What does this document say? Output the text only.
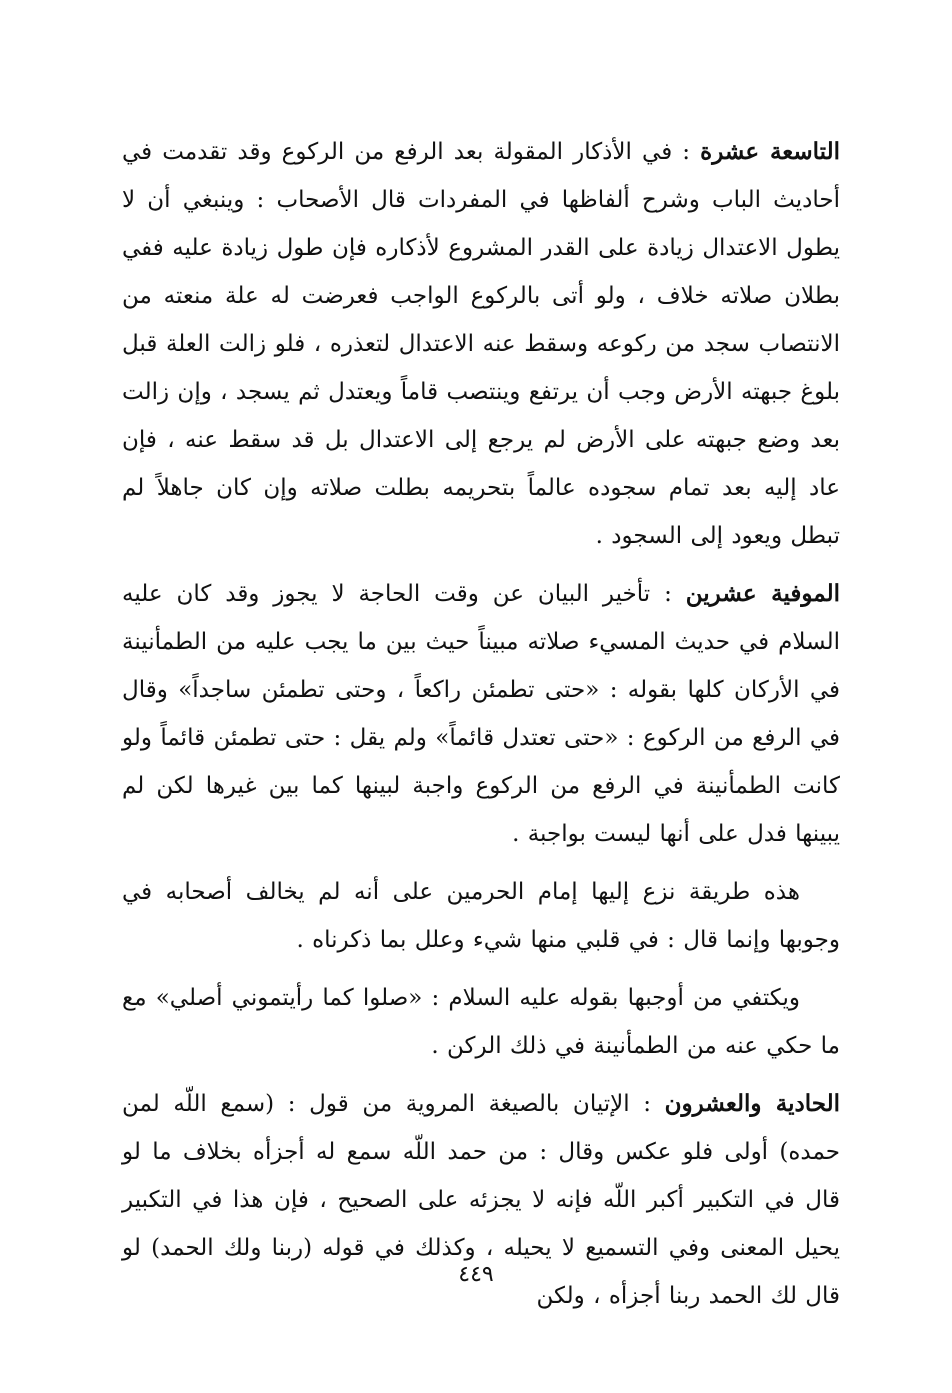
التاسعة عشرة : في الأذكار المقولة بعد الرفع من الركوع وقد تقدمت في أحاديث الباب وشرح ألفاظها في المفردات قال الأصحاب : وينبغي أن لا يطول الاعتدال زيادة على القدر المشروع لأذكاره فإن طول زيادة عليه ففي بطلان صلاته خلاف ، ولو أتى بالركوع الواجب فعرضت له علة منعته من الانتصاب سجد من ركوعه وسقط عنه الاعتدال لتعذره ، فلو زالت العلة قبل بلوغ جبهته الأرض وجب أن يرتفع وينتصب قاماً ويعتدل ثم يسجد ، وإن زالت بعد وضع جبهته على الأرض لم يرجع إلى الاعتدال بل قد سقط عنه ، فإن عاد إليه بعد تمام سجوده عالماً بتحريمه بطلت صلاته وإن كان جاهلاً لم تبطل ويعود إلى السجود .

الموفية عشرين : تأخير البيان عن وقت الحاجة لا يجوز وقد كان عليه السلام في حديث المسيء صلاته مبيناً حيث بين ما يجب عليه من الطمأنينة في الأركان كلها بقوله : «حتى تطمئن راكعاً ، وحتى تطمئن ساجداً» وقال في الرفع من الركوع : «حتى تعتدل قائماً» ولم يقل : حتى تطمئن قائماً ولو كانت الطمأنينة في الرفع من الركوع واجبة لبينها كما بين غيرها لكن لم يبينها فدل على أنها ليست بواجبة .

هذه طريقة نزع إليها إمام الحرمين على أنه لم يخالف أصحابه في وجوبها وإنما قال : في قلبي منها شيء وعلل بما ذكرناه .

ويكتفي من أوجبها بقوله عليه السلام : «صلوا كما رأيتموني أصلي» مع ما حكي عنه من الطمأنينة في ذلك الركن .

الحادية والعشرون : الإتيان بالصيغة المروية من قول : (سمع اللّه لمن حمده) أولى فلو عكس وقال : من حمد اللّه سمع له أجزأه بخلاف ما لو قال في التكبير أكبر اللّه فإنه لا يجزئه على الصحيح ، فإن هذا في التكبير يحيل المعنى وفي التسميع لا يحيله ، وكذلك في قوله (ربنا ولك الحمد) لو قال لك الحمد ربنا أجزأه ، ولكن

٤٤٩
